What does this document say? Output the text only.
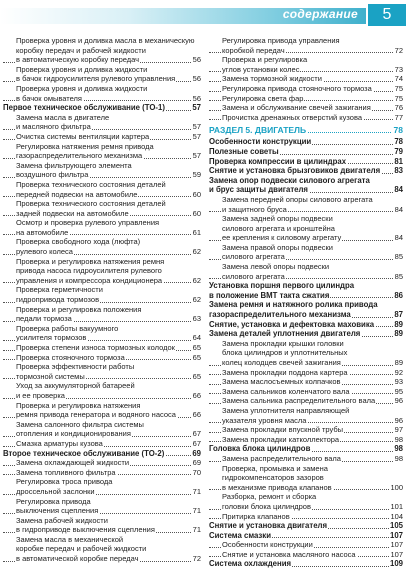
содержание	5
Проверка уровня и доливка масла в механическую
коробку передач и рабочей жидкости
в автоматическую коробку передач	56
Проверка уровня и доливка жидкости
в бачок гидроусилителя рулевого управления 56
Проверка уровня и доливка жидкости
в бачок омывателя	56
Первое техническое обслуживание (ТО-1)	57
Замена масла в двигателе
и масляного фильтра	57
Очистка системы вентиляции картера	57
Регулировка натяжения ремня привода
газораспределительного механизма	57
Замена фильтрующего элемента
воздушного фильтра	59
Проверка технического состояния деталей
передней подвески на автомобиле	60
Проверка технического состояния деталей
задней подвески на автомобиле	60
Осмотр и проверка рулевого управления
на автомобиле	61
Проверка свободного хода (люфта)
рулевого колеса	62
Проверка и регулировка натяжения ремня
привода насоса гидроусилителя рулевого
управления и компрессора кондиционера	62
Проверка герметичности
гидропривода тормозов	62
Проверка и регулировка положения
педали тормоза	63
Проверка работы вакуумного
усилителя тормозов	64
Проверка степени износа тормозных колодок 65
Проверка стояночного тормоза	65
Проверка эффективности работы
тормозной системы	65
Уход за аккумуляторной батареей
и ее проверка	66
Проверка и регулировка натяжения
ремня привода генератора и водяного насоса 66
Замена салонного фильтра системы
отопления и кондиционирования	67
Смазка арматуры кузова	67
Второе техническое обслуживание (ТО-2)	69
Замена охлаждающей жидкости	69
Замена топливного фильтра	70
Регулировка троса привода
дроссельной заслонки	71
Регулировка привода
выключения сцепления	71
Замена рабочей жидкости
в гидроприводе выключения сцепления	71
Замена масла в механической
коробке передач и рабочей жидкости
в автоматической коробке передач	72
Регулировка привода управления
коробкой передач	72
Проверка и регулировка
углов установки колес	73
Замена тормозной жидкости	74
Регулировка привода стояночного тормоза	75
Регулировка света фар	75
Замена и обслуживание свечей зажигания	76
Прочистка дренажных отверстий кузова	77
РАЗДЕЛ 5. ДВИГАТЕЛЬ	78
Особенности конструкции	78
Полезные советы	79
Проверка компрессии в цилиндрах	81
Снятие и установка брызговиков двигателя 83
Замена опор подвески силового агрегата
и брус защиты двигателя	84
Замена передней опоры силового агрегата
и защитного бруса	84
Замена задней опоры подвески
силового агрегата и кронштейна
ее крепления к силовому агрегату	84
Замена правой опоры подвески
силового агрегата	85
Замена левой опоры подвески
силового агрегата	85
Установка поршня первого цилиндра
в положение ВМТ такта сжатия	86
Замена ремня и натяжного ролика привода
газораспределительного механизма	87
Снятие, установка и дефектовка маховика	89
Замена деталей уплотнения двигателя	89
Замена прокладки крышки головки
блока цилиндров и уплотнительных
колец колодцев свечей зажигания	89
Замена прокладки поддона картера	92
Замена маслосъемных колпачков	93
Замена сальников коленчатого вала	95
Замена сальника распределительного вала	96
Замена уплотнителя направляющей
указателя уровня масла	96
Замена прокладки впускной трубы	97
Замена прокладки катколлектора	98
Головка блока цилиндров	98
Замена распределительного вала	98
Проверка, промывка и замена
гидрокомпенсаторов зазоров
в механизме привода клапанов	100
Разборка, ремонт и сборка
головки блока цилиндров	101
Притирка клапанов	104
Снятие и установка двигателя	105
Система смазки	107
Особенности конструкции	107
Снятие и установка масляного насоса	107
Система охлаждения	109
